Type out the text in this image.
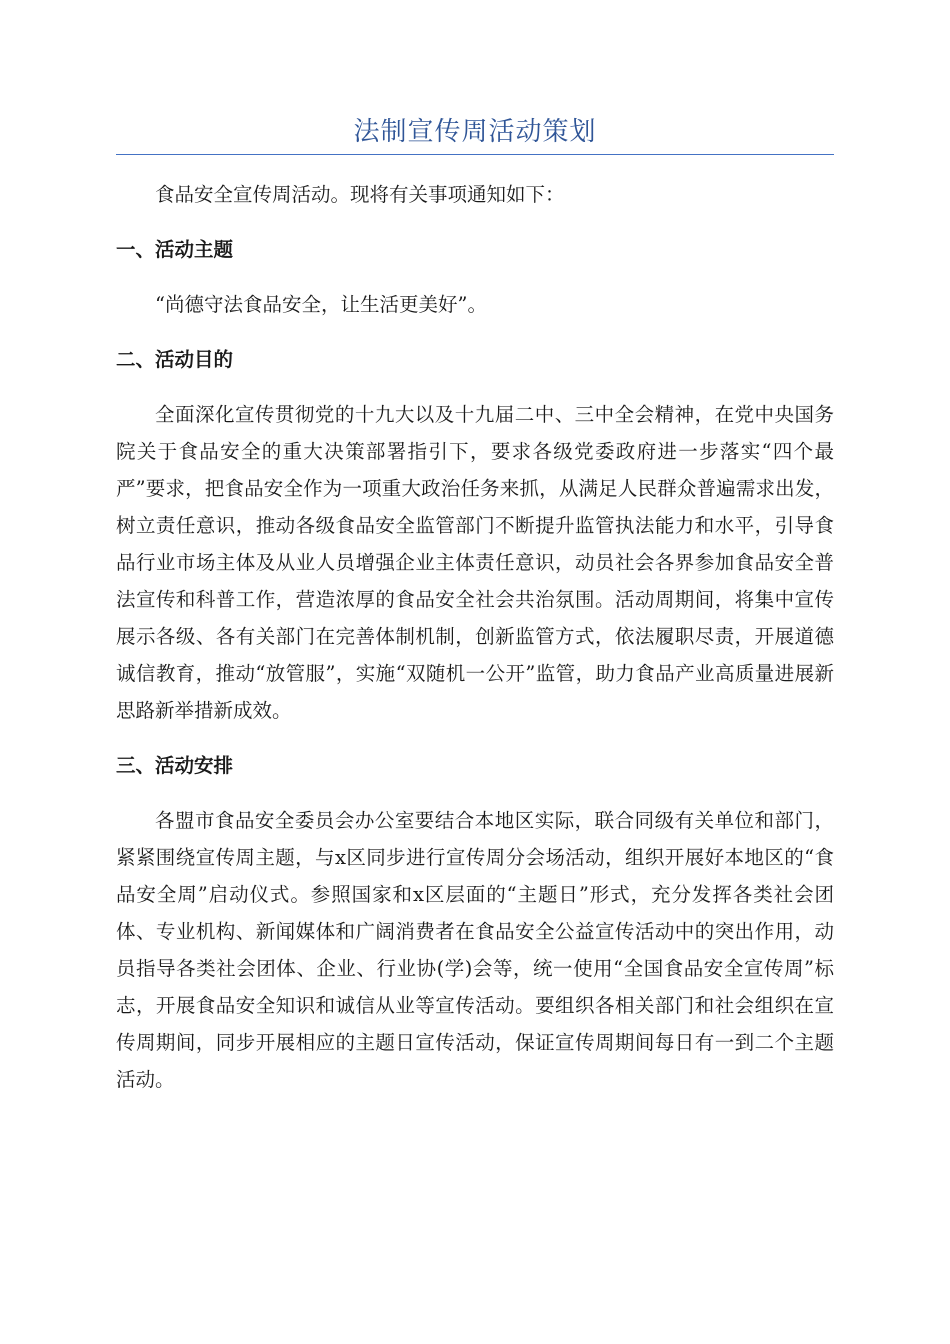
法制宣传周活动策划

食品安全宣传周活动。现将有关事项通知如下：

一、活动主题

“尚德守法食品安全，让生活更美好”。

二、活动目的

全面深化宣传贯彻党的十九大以及十九届二中、三中全会精神，在党中央国务院关于食品安全的重大决策部署指引下，要求各级党委政府进一步落实“四个最严”要求，把食品安全作为一项重大政治任务来抓，从满足人民群众普遍需求出发，树立责任意识，推动各级食品安全监管部门不断提升监管执法能力和水平，引导食品行业市场主体及从业人员增强企业主体责任意识，动员社会各界参加食品安全普法宣传和科普工作，营造浓厚的食品安全社会共治氛围。活动周期间，将集中宣传展示各级、各有关部门在完善体制机制，创新监管方式，依法履职尽责，开展道德诚信教育，推动“放管服”，实施“双随机一公开”监管，助力食品产业高质量进展新思路新举措新成效。

三、活动安排

各盟市食品安全委员会办公室要结合本地区实际，联合同级有关单位和部门，紧紧围绕宣传周主题，与x区同步进行宣传周分会场活动，组织开展好本地区的“食品安全周”启动仪式。参照国家和x区层面的“主题日”形式，充分发挥各类社会团体、专业机构、新闻媒体和广阔消费者在食品安全公益宣传活动中的突出作用，动员指导各类社会团体、企业、行业协(学)会等，统一使用“全国食品安全宣传周”标志，开展食品安全知识和诚信从业等宣传活动。要组织各相关部门和社会组织在宣传周期间，同步开展相应的主题日宣传活动，保证宣传周期间每日有一到二个主题活动。
